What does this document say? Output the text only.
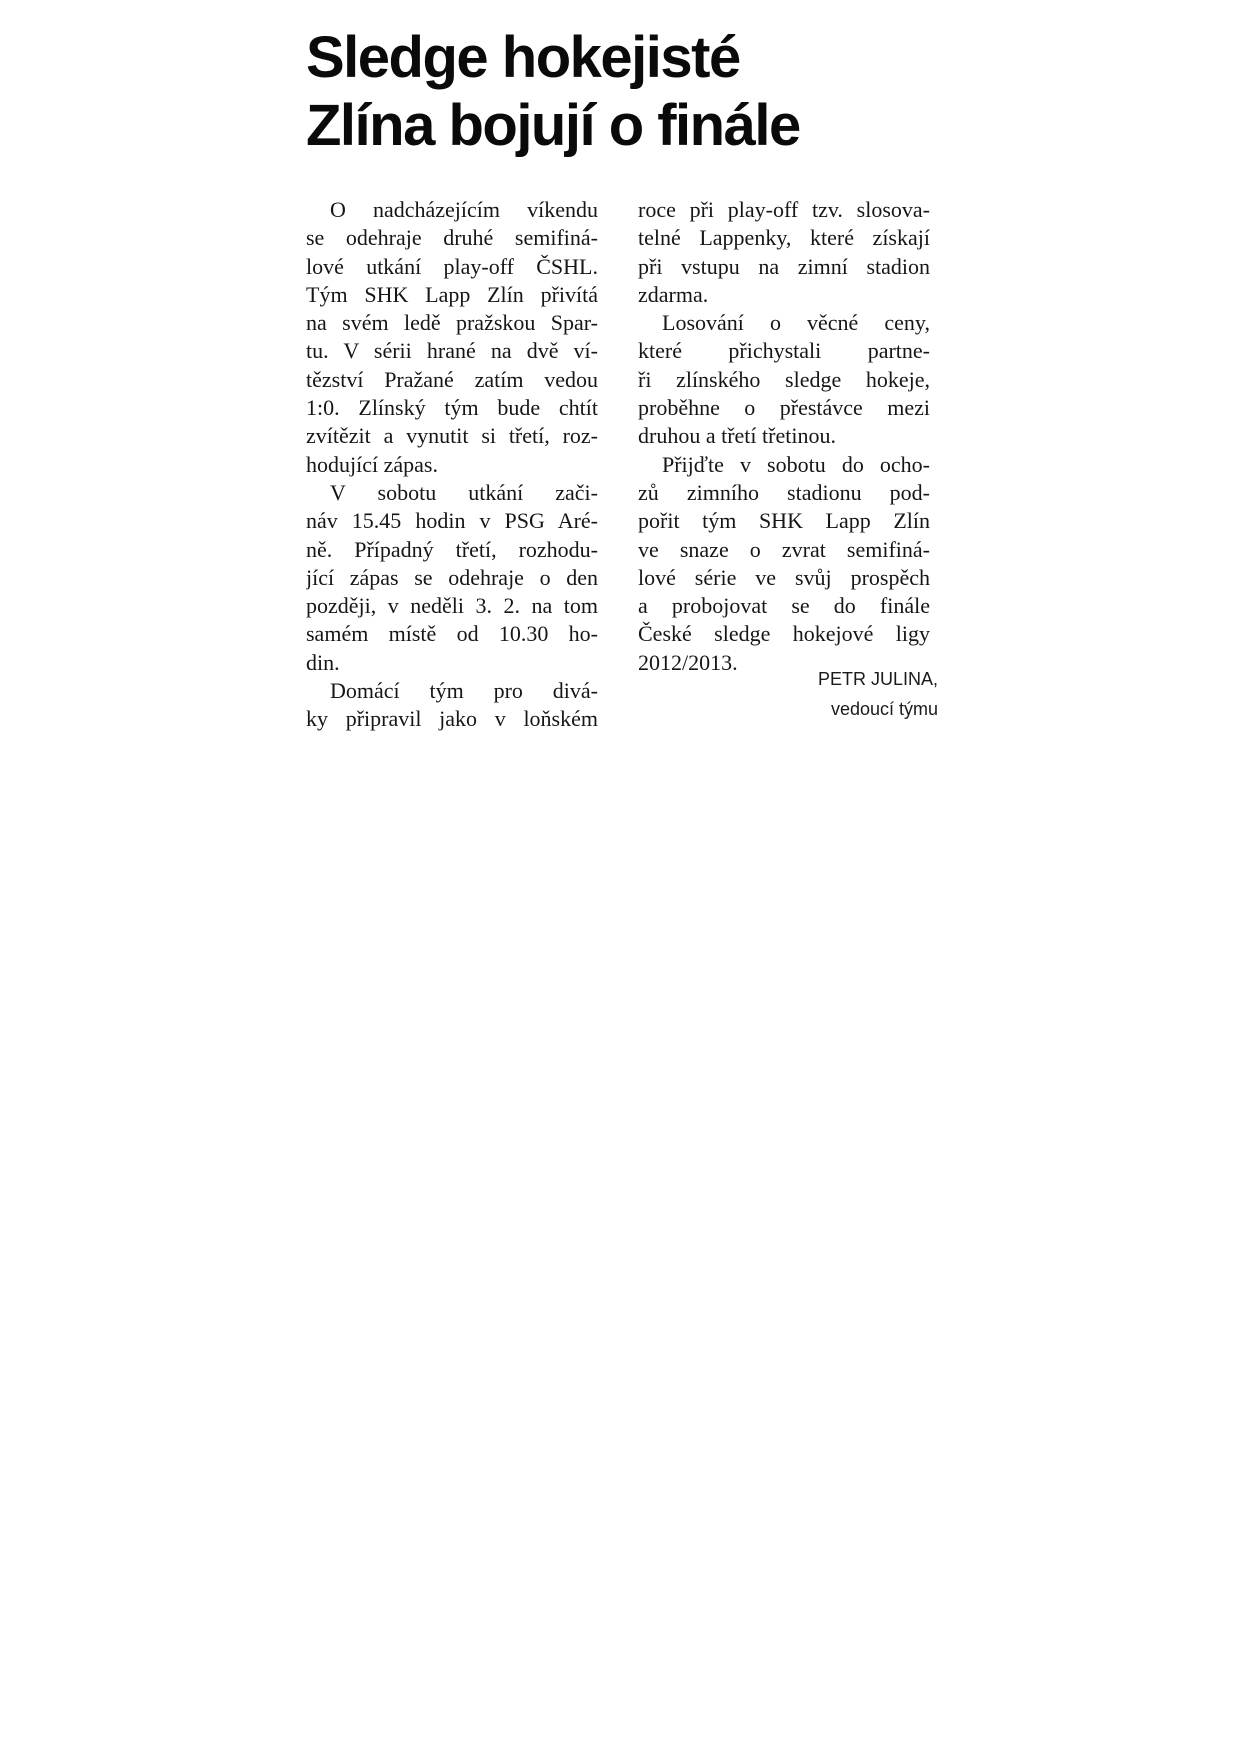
Sledge hokejisté
Zlína bojují o finále
O nadcházejícím víkendu
se odehraje druhé semifiná-
lové utkání play-off ČSHL.
Tým SHK Lapp Zlín přivítá
na svém ledě pražskou Spar-
tu. V sérii hrané na dvě ví-
tězství Pražané zatím vedou
1:0. Zlínský tým bude chtít
zvítězit a vynutit si třetí, roz-
hodující zápas.
V sobotu utkání zači-
náv 15.45 hodin v PSG Aré-
ně. Případný třetí, rozhodu-
jící zápas se odehraje o den
později, v neděli 3. 2. na tom
samém místě od 10.30 ho-
din.
Domácí tým pro divá-
ky připravil jako v loňském
roce při play-off tzv. slosova-
telné Lappenky, které získají
při vstupu na zimní stadion
zdarma.
Losování o věcné ceny,
které přichystali partne-
ři zlínského sledge hokeje,
proběhne o přestávce mezi
druhou a třetí třetinou.
Přijďte v sobotu do ocho-
zů zimního stadionu pod-
pořit tým SHK Lapp Zlín
ve snaze o zvrat semifiná-
lové série ve svůj prospěch
a probojovat se do finále
České sledge hokejové ligy
2012/2013.
PETR JULINA,
vedoucí týmu
